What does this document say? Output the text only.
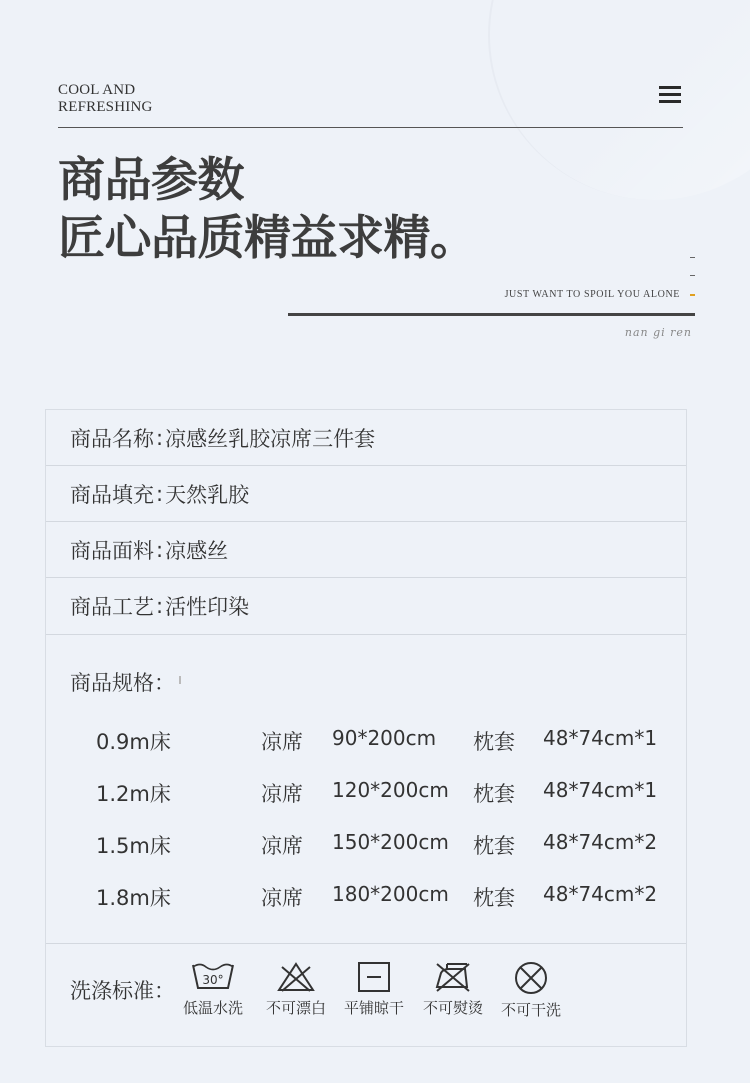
COOL AND
REFRESHING
商品参数
匠心品质精益求精。
JUST WANT TO SPOIL YOU ALONE
nan gi ren
商品名称 : 凉感丝乳胶凉席三件套
商品填充 : 天然乳胶
商品面料 : 凉感丝
商品工艺 : 活性印染
商品规格：
0.9m床	凉席 90*200cm 枕套 48*74cm*1
1.2m床	凉席 120*200cm 枕套 48*74cm*1
1.5m床	凉席 150*200cm 枕套 48*74cm*2
1.8m床	凉席 180*200cm 枕套 48*74cm*2
洗涤标准： 30°
低温水洗	不可漂白	平铺晾干	不可熨烫	不可干洗
